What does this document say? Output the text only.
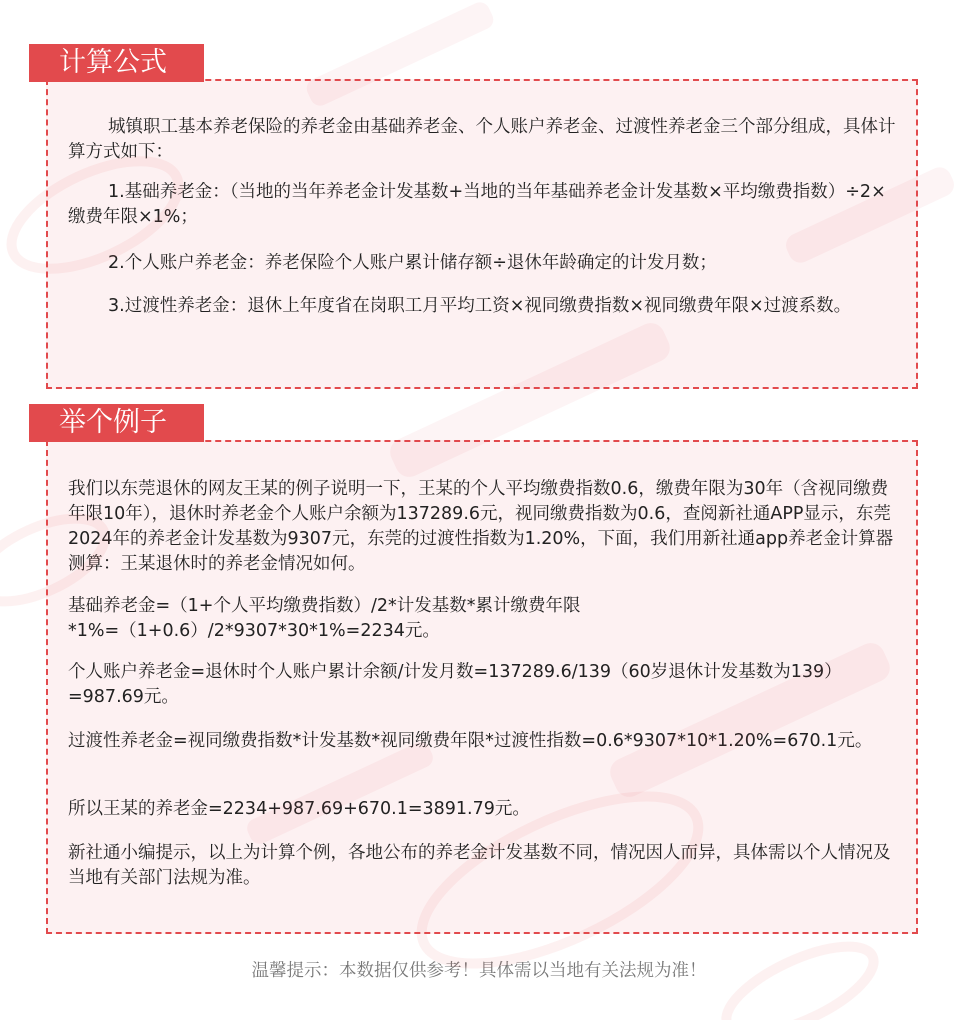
计算公式

城镇职工基本养老保险的养老金由基础养老金、个人账户养老金、过渡性养老金三个部分组成，具体计算方式如下：

1.基础养老金：（当地的当年养老金计发基数+当地的当年基础养老金计发基数×平均缴费指数）÷2×缴费年限×1%；

2.个人账户养老金：养老保险个人账户累计储存额÷退休年龄确定的计发月数；

3.过渡性养老金：退休上年度省在岗职工月平均工资×视同缴费指数×视同缴费年限×过渡系数。

举个例子

我们以东莞退休的网友王某的例子说明一下，王某的个人平均缴费指数0.6，缴费年限为30年（含视同缴费年限10年），退休时养老金个人账户余额为137289.6元，视同缴费指数为0.6，查阅新社通APP显示，东莞2024年的养老金计发基数为9307元，东莞的过渡性指数为1.20%，下面，我们用新社通app养老金计算器测算：王某退休时的养老金情况如何。

基础养老金=（1+个人平均缴费指数）/2*计发基数*累计缴费年限

*1%=（1+0.6）/2*9307*30*1%=2234元。

个人账户养老金=退休时个人账户累计余额/计发月数=137289.6/139（60岁退休计发基数为139）=987.69元。

过渡性养老金=视同缴费指数*计发基数*视同缴费年限*过渡性指数=0.6*9307*10*1.20%=670.1元。

所以王某的养老金=2234+987.69+670.1=3891.79元。

新社通小编提示，以上为计算个例，各地公布的养老金计发基数不同，情况因人而异，具体需以个人情况及当地有关部门法规为准。

温馨提示：本数据仅供参考！具体需以当地有关法规为准！
